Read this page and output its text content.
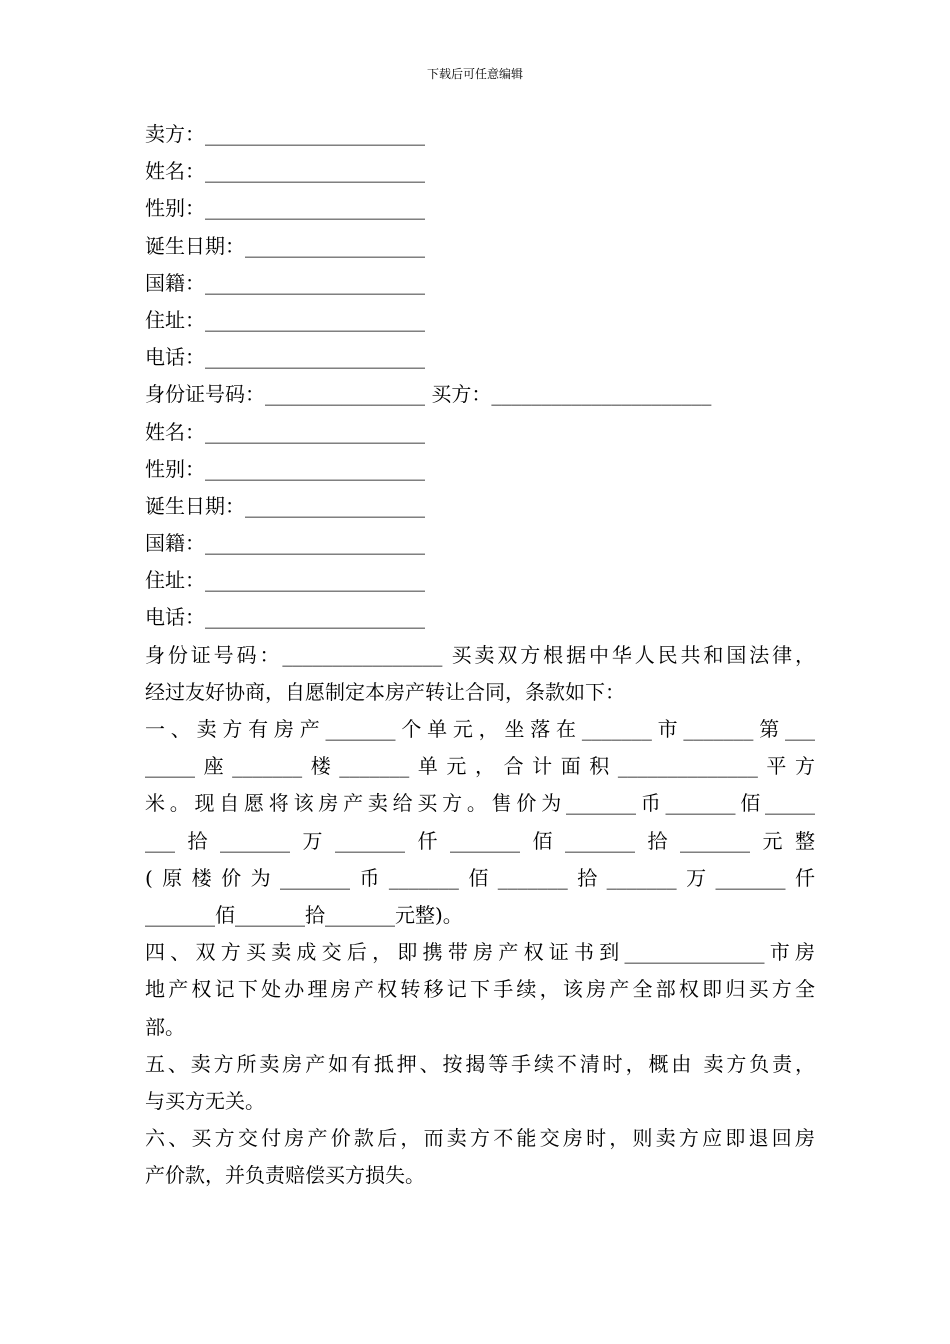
下载后可任意编辑
卖方：______________________
姓名：______________________
性别：______________________
诞生日期：__________________
国籍：______________________
住址：______________________
电话：______________________
身份证号码：________________ 买方：______________________
姓名：______________________
性别：______________________
诞生日期：__________________
国籍：______________________
住址：______________________
电话：______________________
身份证号码：________________ 买卖双方根据中华人民共和国法律，
经过友好协商，自愿制定本房产转让合同，条款如下：
一、卖方有房产_______个单元，坐落在_______市_______第___
_____座_______楼_______单元，合计面积______________平方
米。现自愿将该房产卖给买方。售价为_______币_______佰_____
___拾_______万_______仟_______佰_______拾_______元整
(原楼价为_______币_______佰_______拾_______万_______仟
_______佰_______拾_______元整)。
四、双方买卖成交后，即携带房产权证书到______________市房
地产权记下处办理房产权转移记下手续，该房产全部权即归买方全
部。
五、卖方所卖房产如有抵押、按揭等手续不清时，概由 卖方负责，
与买方无关。
六、买方交付房产价款后，而卖方不能交房时，则卖方应即退回房
产价款，并负责赔偿买方损失。
